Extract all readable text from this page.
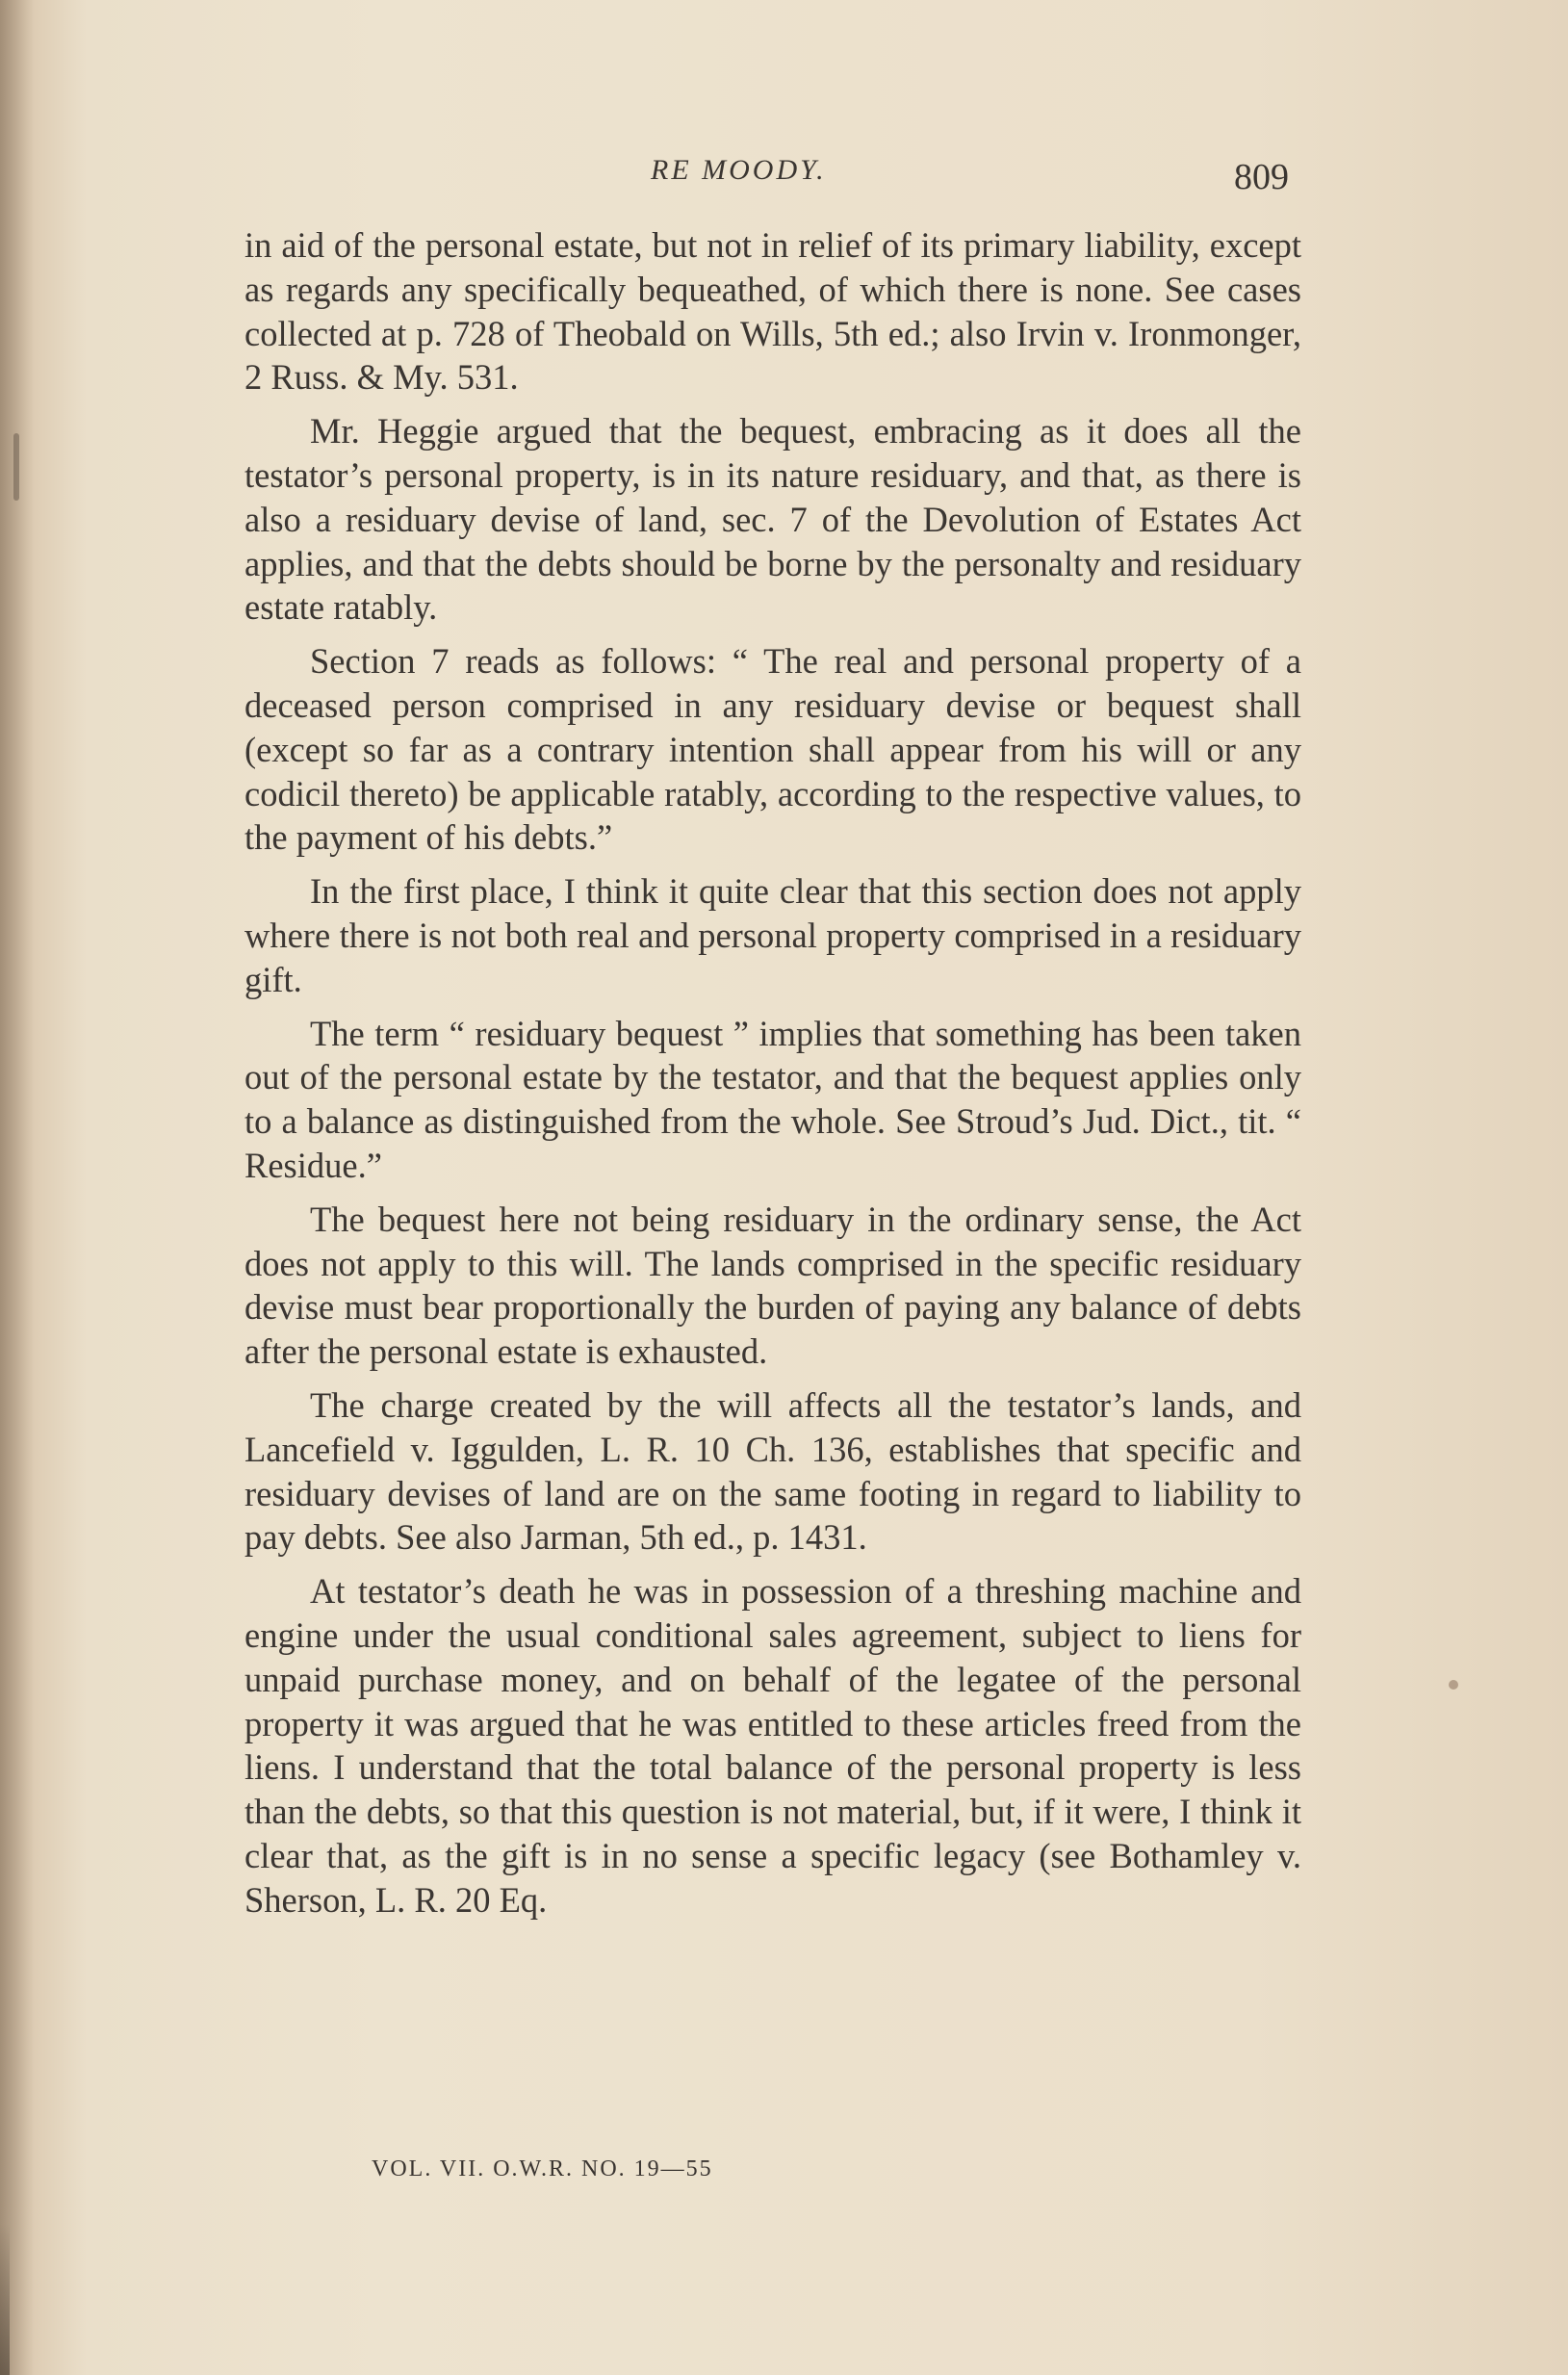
RE MOODY.	809

in aid of the personal estate, but not in relief of its primary liability, except as regards any specifically bequeathed, of which there is none. See cases collected at p. 728 of Theobald on Wills, 5th ed.; also Irvin v. Ironmonger, 2 Russ. & My. 531.

Mr. Heggie argued that the bequest, embracing as it does all the testator’s personal property, is in its nature residuary, and that, as there is also a residuary devise of land, sec. 7 of the Devolution of Estates Act applies, and that the debts should be borne by the personalty and residuary estate ratably.

Section 7 reads as follows: “ The real and personal property of a deceased person comprised in any residuary devise or bequest shall (except so far as a contrary intention shall appear from his will or any codicil thereto) be applicable ratably, according to the respective values, to the payment of his debts.”

In the first place, I think it quite clear that this section does not apply where there is not both real and personal property comprised in a residuary gift.

The term “ residuary bequest ” implies that something has been taken out of the personal estate by the testator, and that the bequest applies only to a balance as distinguished from the whole. See Stroud’s Jud. Dict., tit. “ Residue.”

The bequest here not being residuary in the ordinary sense, the Act does not apply to this will. The lands comprised in the specific residuary devise must bear proportionally the burden of paying any balance of debts after the personal estate is exhausted.

The charge created by the will affects all the testator’s lands, and Lancefield v. Iggulden, L. R. 10 Ch. 136, establishes that specific and residuary devises of land are on the same footing in regard to liability to pay debts. See also Jarman, 5th ed., p. 1431.

At testator’s death he was in possession of a threshing machine and engine under the usual conditional sales agreement, subject to liens for unpaid purchase money, and on behalf of the legatee of the personal property it was argued that he was entitled to these articles freed from the liens. I understand that the total balance of the personal property is less than the debts, so that this question is not material, but, if it were, I think it clear that, as the gift is in no sense a specific legacy (see Bothamley v. Sherson, L. R. 20 Eq.

VOL. VII. O.W.R. NO. 19—55
